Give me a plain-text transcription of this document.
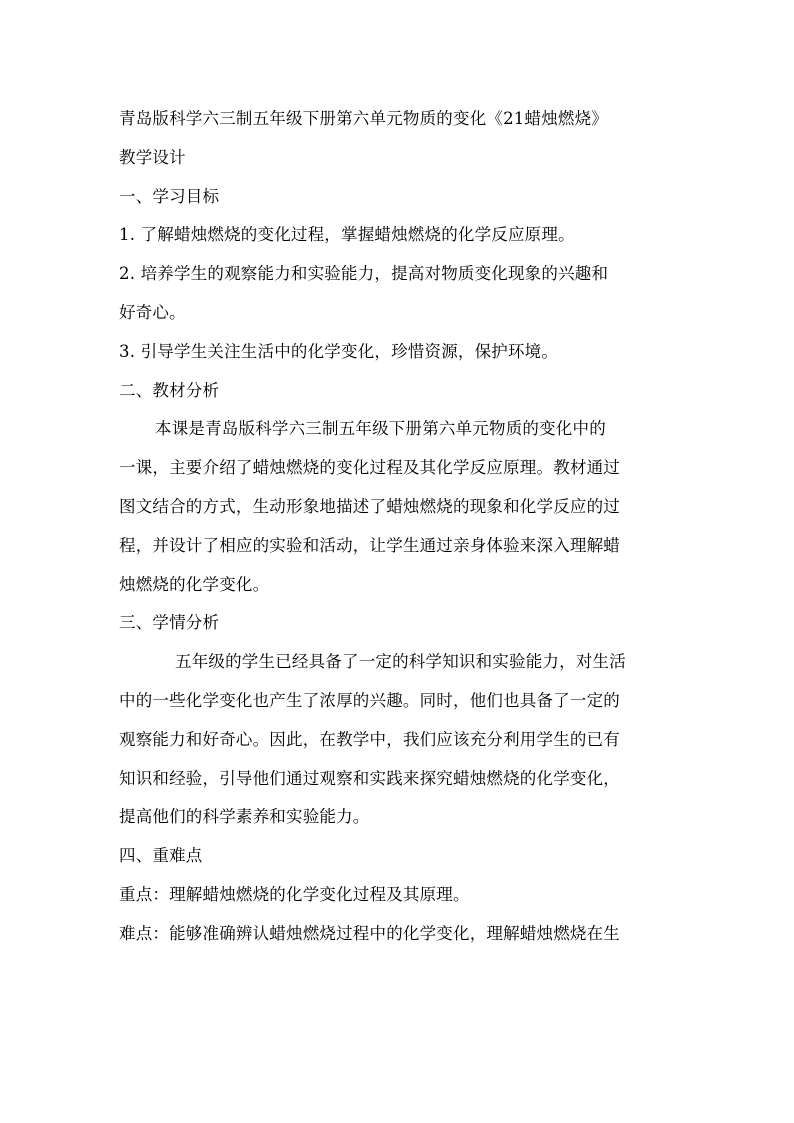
青岛版科学六三制五年级下册第六单元物质的变化《21蜡烛燃烧》
教学设计
一、学习目标
1. 了解蜡烛燃烧的变化过程，掌握蜡烛燃烧的化学反应原理。
2. 培养学生的观察能力和实验能力，提高对物质变化现象的兴趣和
好奇心。
3. 引导学生关注生活中的化学变化，珍惜资源，保护环境。
二、教材分析
本课是青岛版科学六三制五年级下册第六单元物质的变化中的
一课，主要介绍了蜡烛燃烧的变化过程及其化学反应原理。教材通过
图文结合的方式，生动形象地描述了蜡烛燃烧的现象和化学反应的过
程，并设计了相应的实验和活动，让学生通过亲身体验来深入理解蜡
烛燃烧的化学变化。
三、学情分析
五年级的学生已经具备了一定的科学知识和实验能力，对生活
中的一些化学变化也产生了浓厚的兴趣。同时，他们也具备了一定的
观察能力和好奇心。因此，在教学中，我们应该充分利用学生的已有
知识和经验，引导他们通过观察和实践来探究蜡烛燃烧的化学变化，
提高他们的科学素养和实验能力。
四、重难点
重点：理解蜡烛燃烧的化学变化过程及其原理。
难点：能够准确辨认蜡烛燃烧过程中的化学变化，理解蜡烛燃烧在生
